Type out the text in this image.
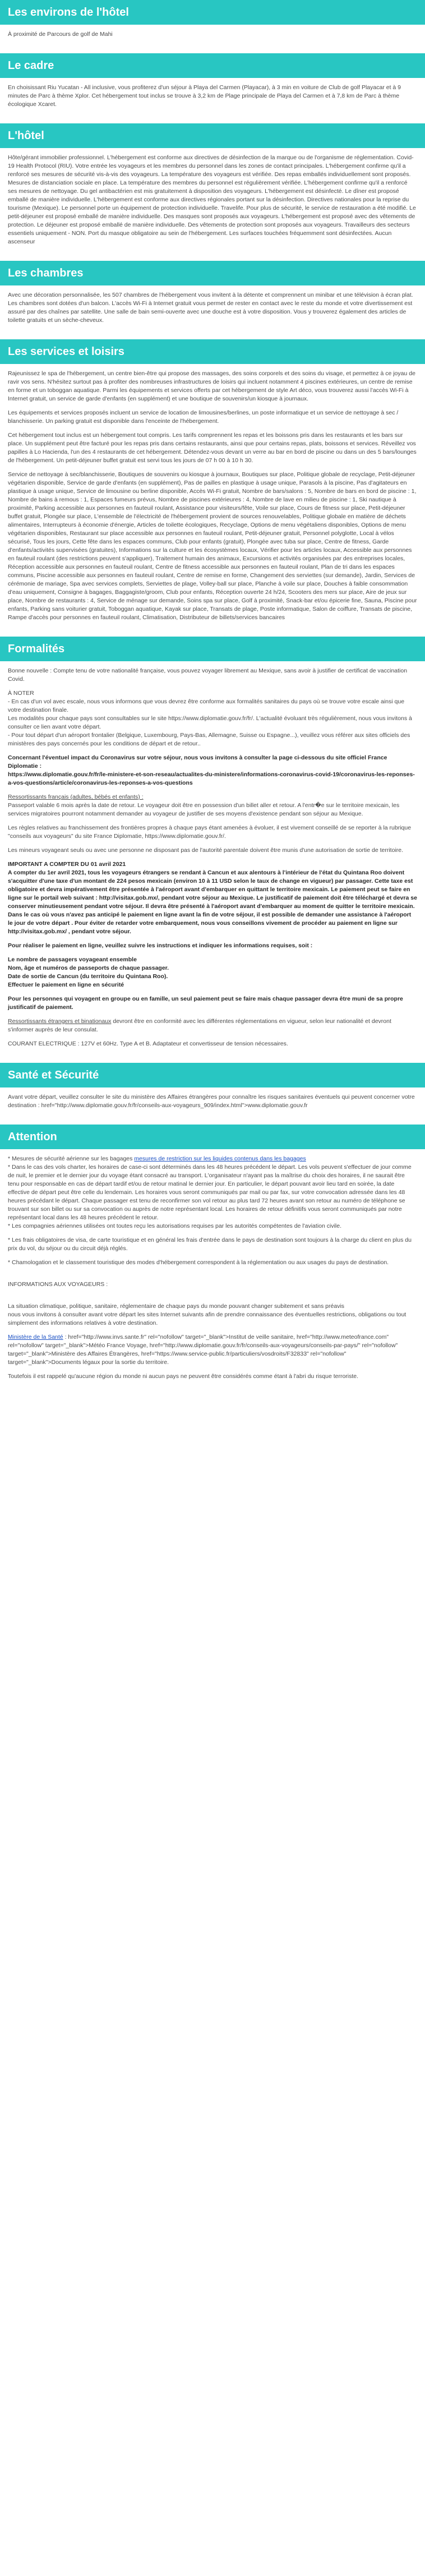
Les environs de l'hôtel

À proximité de Parcours de golf de Mahi

Le cadre

En choisissant Riu Yucatan - All inclusive, vous profiterez d'un séjour à Playa del Carmen (Playacar), à 3 min en voiture de Club de golf Playacar et à 9 minutes de Parc à thème Xplor. Cet hébergement tout inclus se trouve à 3,2 km de Plage principale de Playa del Carmen et à 7,8 km de Parc à thème écologique Xcaret.

L'hôtel

Hôte/gérant immobilier professionnel. L'hébergement est conforme aux directives de désinfection de la marque ou de l'organisme de réglementation. Covid-19 Health Protocol (RIU). Votre entrée les voyageurs et les membres du personnel dans les zones de contact principales. L'hébergement confirme qu'il a renforcé ses mesures de sécurité vis-à-vis des voyageurs. La température des voyageurs est vérifiée. Des repas emballés individuellement sont proposés. Mesures de distanciation sociale en place. La température des membres du personnel est régulièrement vérifiée. L'hébergement confirme qu'il a renforcé ses mesures de nettoyage. Du gel antibactérien est mis gratuitement à disposition des voyageurs. L'hébergement est désinfecté. Le dîner est proposé emballé de manière individuelle. L'hébergement est conforme aux directives régionales portant sur la désinfection. Directives nationales pour la reprise du tourisme (Mexique). Le personnel porte un équipement de protection individuelle. Travelife. Pour plus de sécurité, le service de restauration a été modifié. Le petit-déjeuner est proposé emballé de manière individuelle. Des masques sont proposés aux voyageurs. L'hébergement est proposé avec des vêtements de protection. Le déjeuner est proposé emballé de manière individuelle. Des vêtements de protection sont proposés aux voyageurs. Travailleurs des secteurs essentiels uniquement - NON. Port du masque obligatoire au sein de l'hébergement. Les surfaces touchées fréquemment sont désinfectées. Aucun ascenseur

Les chambres

Avec une décoration personnalisée, les 507 chambres de l'hébergement vous invitent à la détente et comprennent un minibar et une télévision à écran plat. Les chambres sont dotées d'un balcon. L'accès Wi-Fi à Internet gratuit vous permet de rester en contact avec le reste du monde et votre divertissement est assuré par des chaînes par satellite. Une salle de bain semi-ouverte avec une douche est à votre disposition. Vous y trouverez également des articles de toilette gratuits et un sèche-cheveux.

Les services et loisirs

Rajeunissez le spa de l'hébergement, un centre bien-être qui propose des massages, des soins corporels et des soins du visage, et permettez à ce joyau de ravir vos sens. N'hésitez surtout pas à profiter des nombreuses infrastructures de loisirs qui incluent notamment 4 piscines extérieures, un centre de remise en forme et un toboggan aquatique. Parmi les équipements et services offerts par cet hébergement de style Art déco, vous trouverez aussi l'accès Wi-Fi à Internet gratuit, un service de garde d'enfants (en supplément) et une boutique de souvenirs/un kiosque à journaux.

Les équipements et services proposés incluent un service de location de limousines/berlines, un poste informatique et un service de nettoyage à sec / blanchisserie. Un parking gratuit est disponible dans l'enceinte de l'hébergement.

Cet hébergement tout inclus est un hébergement tout compris. Les tarifs comprennent les repas et les boissons pris dans les restaurants et les bars sur place. Un supplément peut être facturé pour les repas pris dans certains restaurants, ainsi que pour certains repas, plats, boissons et services. Réveillez vos papilles à Lo Hacienda, l'un des 4 restaurants de cet hébergement. Détendez-vous devant un verre au bar en bord de piscine ou dans un des 5 bars/lounges de l'hébergement. Un petit-déjeuner buffet gratuit est servi tous les jours de 07 h 00 à 10 h 30.

Service de nettoyage à sec/blanchisserie, Boutiques de souvenirs ou kiosque à journaux, Boutiques sur place, Politique globale de recyclage, Petit-déjeuner végétarien disponible, Service de garde d'enfants (en supplément), Pas de pailles en plastique à usage unique, Parasols à la piscine, Pas d'agitateurs en plastique à usage unique, Service de limousine ou berline disponible, Accès Wi-Fi gratuit, Nombre de bars/salons : 5, Nombre de bars en bord de piscine : 1, Nombre de bains à remous : 1, Espaces fumeurs prévus, Nombre de piscines extérieures : 4, Nombre de lave en milieu de piscine : 1, Ski nautique à proximité, Parking accessible aux personnes en fauteuil roulant, Assistance pour visiteurs/fête, Voile sur place, Cours de fitness sur place, Petit-déjeuner buffet gratuit, Plongée sur place, L'ensemble de l'électricité de l'hébergement provient de sources renouvelables, Politique globale en matière de déchets alimentaires, Interrupteurs à économie d'énergie, Articles de toilette écologiques, Recyclage, Options de menu végétaliens disponibles, Options de menu végétarien disponibles, Restaurant sur place accessible aux personnes en fauteuil roulant, Petit-déjeuner gratuit, Personnel polyglotte, Local à vélos sécurisé, Tous les jours, Cette fête dans les espaces communs, Club pour enfants (gratuit), Plongée avec tuba sur place, Centre de fitness, Garde d'enfants/activités supervisées (gratuites), Informations sur la culture et les écosystèmes locaux, Vérifier pour les articles locaux, Accessible aux personnes en fauteuil roulant (des restrictions peuvent s'appliquer), Traitement humain des animaux, Excursions et activités organisées par des entreprises locales, Réception accessible aux personnes en fauteuil roulant, Centre de fitness accessible aux personnes en fauteuil roulant, Plan de tri dans les espaces communs, Piscine accessible aux personnes en fauteuil roulant, Centre de remise en forme, Changement des serviettes (sur demande), Jardin, Services de cérémonie de mariage, Spa avec services complets, Serviettes de plage, Volley-ball sur place, Planche à voile sur place, Douches à faible consommation d'eau uniquement, Consigne à bagages, Baggagiste/groom, Club pour enfants, Réception ouverte 24 h/24, Scooters des mers sur place, Aire de jeux sur place, Nombre de restaurants : 4, Service de ménage sur demande, Soins spa sur place, Golf à proximité, Snack-bar et/ou épicerie fine, Sauna, Piscine pour enfants, Parking sans voiturier gratuit, Toboggan aquatique, Kayak sur place, Transats de plage, Poste informatique, Salon de coiffure, Transats de piscine, Rampe d'accès pour personnes en fauteuil roulant, Climatisation, Distributeur de billets/services bancaires

Formalités

Bonne nouvelle : Compte tenu de votre nationalité française, vous pouvez voyager librement au Mexique, sans avoir à justifier de certificat de vaccination Covid.

À NOTER
- En cas d'un vol avec escale, nous vous informons que vous devrez être conforme aux formalités sanitaires du pays où se trouve votre escale ainsi que votre destination finale.
Les modalités pour chaque pays sont consultables sur le site https://www.diplomatie.gouv.fr/fr/. L'actualité évoluant très régulièrement, nous vous invitons à consulter ce lien avant votre départ.
- Pour tout départ d'un aéroport frontalier (Belgique, Luxembourg, Pays-Bas, Allemagne, Suisse ou Espagne...), veuillez vous référer aux sites officiels des ministères des pays concernés pour les conditions de départ et de retour..

Concernant l'éventuel impact du Coronavirus sur votre séjour, nous vous invitons à consulter la page ci-dessous du site officiel France Diplomatie :
https://www.diplomatie.gouv.fr/fr/le-ministere-et-son-reseau/actualites-du-ministere/informations-coronavirus-covid-19/coronavirus-les-reponses-a-vos-questions/article/coronavirus-les-reponses-a-vos-questions

Ressortissants français (adultes, bébés et enfants) :
Passeport valable 6 mois après la date de retour. Le voyageur doit être en possession d'un billet aller et retour. A l'entr�e sur le territoire mexicain, les services migratoires pourront notamment demander au voyageur de justifier de ses moyens d'existence pendant son séjour au Mexique.

Les règles relatives au franchissement des frontières propres à chaque pays étant amenées à évoluer, il est vivement conseillé de se reporter à la rubrique "conseils aux voyageurs" du site France Diplomatie, https://www.diplomatie.gouv.fr/.

Les mineurs voyageant seuls ou avec une personne ne disposant pas de l'autorité parentale doivent être munis d'une autorisation de sortie de territoire.

IMPORTANT A COMPTER DU 01 avril 2021
A compter du 1er avril 2021, tous les voyageurs étrangers se rendant à Cancun et aux alentours à l'intérieur de l'état du Quintana Roo doivent s'acquitter d'une taxe d'un montant de 224 pesos mexicain (environ 10 à 11 USD selon le taux de change en vigueur) par passager. Cette taxe est obligatoire et devra impérativement être présentée à l'aéroport avant d'embarquer en quittant le territoire mexicain. Le paiement peut se faire en ligne sur le portail web suivant : http://visitax.gob.mx/, pendant votre séjour au Mexique. Le justificatif de paiement doit être téléchargé et devra se conserver minutieusement pendant votre séjour. Il devra être présenté à l'aéroport avant d'embarquer au moment de quitter le territoire mexicain. Dans le cas où vous n'avez pas anticipé le paiement en ligne avant la fin de votre séjour, il est possible de demander une assistance à l'aéroport le jour de votre départ . Pour éviter de retarder votre embarquement, nous vous conseillons vivement de procéder au paiement en ligne sur http://visitax.gob.mx/ , pendant votre séjour.

Pour réaliser le paiement en ligne, veuillez suivre les instructions et indiquer les informations requises, soit :

Le nombre de passagers voyageant ensemble
Nom, âge et numéros de passeports de chaque passager.
Date de sortie de Cancun (du territoire du Quintana Roo).
Effectuer le paiement en ligne en sécurité

Pour les personnes qui voyagent en groupe ou en famille, un seul paiement peut se faire mais chaque passager devra être muni de sa propre justificatif de paiement.

Ressortissants étrangers et binationaux devront être en conformité avec les différentes réglementations en vigueur, selon leur nationalité et devront s'informer auprès de leur consulat.

COURANT ELECTRIQUE : 127V et 60Hz. Type A et B. Adaptateur et convertisseur de tension nécessaires.

Santé et Sécurité

Avant votre départ, veuillez consulter le site du ministère des Affaires étrangères pour connaître les risques sanitaires éventuels qui peuvent concerner votre destination : href="http://www.diplomatie.gouv.fr/fr/conseils-aux-voyageurs_909/index.html">www.diplomatie.gouv.fr

Attention

* Mesures de sécurité aérienne sur les bagages mesures de restriction sur les liquides contenus dans les bagages
* Dans le cas des vols charter, les horaires de case-ci sont déterminés dans les 48 heures précédent le départ. Les vols peuvent s'effectuer de jour comme de nuit, le premier et le dernier jour du voyage étant consacré au transport. L'organisateur n'ayant pas la maîtrise du choix des horaires, il ne saurait être tenu pour responsable en cas de départ tardif et/ou de retour matinal le dernier jour. En particulier, le départ pouvant avoir lieu tard en soirée, la date effective de départ peut être celle du lendemain. Les horaires vous seront communiqués par mail ou par fax, sur votre convocation adressée dans les 48 heures précédant le départ. Chaque passager est tenu de reconfirmer son vol retour au plus tard 72 heures avant son retour au numéro de téléphone se trouvant sur son billet ou sur sa convocation ou auprès de notre représentant local. Les horaires de retour définitifs vous seront communiqués par notre représentant local dans les 48 heures précédent le retour.
* Les compagnies aériennes utilisées ont toutes reçu les autorisations requises par les autorités compétentes de l'aviation civile.

* Les frais obligatoires de visa, de carte touristique et en général les frais d'entrée dans le pays de destination sont toujours à la charge du client en plus du prix du vol, du séjour ou du circuit déjà réglés.

* Chamologation et le classement touristique des modes d'hébergement correspondent à la réglementation ou aux usages du pays de destination.

INFORMATIONS AUX VOYAGEURS :

La situation climatique, politique, sanitaire, réglementaire de chaque pays du monde pouvant changer subitement et sans préavis
nous vous invitons à consulter avant votre départ les sites Internet suivants afin de prendre connaissance des éventuelles restrictions, obligations ou tout simplement des informations relatives à votre destination.

Ministère de la Santé : href="http://www.invs.sante.fr" rel="nofollow" target="_blank">Institut de veille sanitaire, href="http://www.meteofrance.com" rel="nofollow" target="_blank">Météo France Voyage, href="http://www.diplomatie.gouv.fr/fr/conseils-aux-voyageurs/conseils-par-pays/" rel="nofollow" target="_blank">Ministère des Affaires Étrangères, href="https://www.service-public.fr/particuliers/vosdroits/F32833" rel="nofollow" target="_blank">Documents légaux pour la sortie du territoire.

Toutefois il est rappelé qu'aucune région du monde ni aucun pays ne peuvent être considérés comme étant à l'abri du risque terroriste.
